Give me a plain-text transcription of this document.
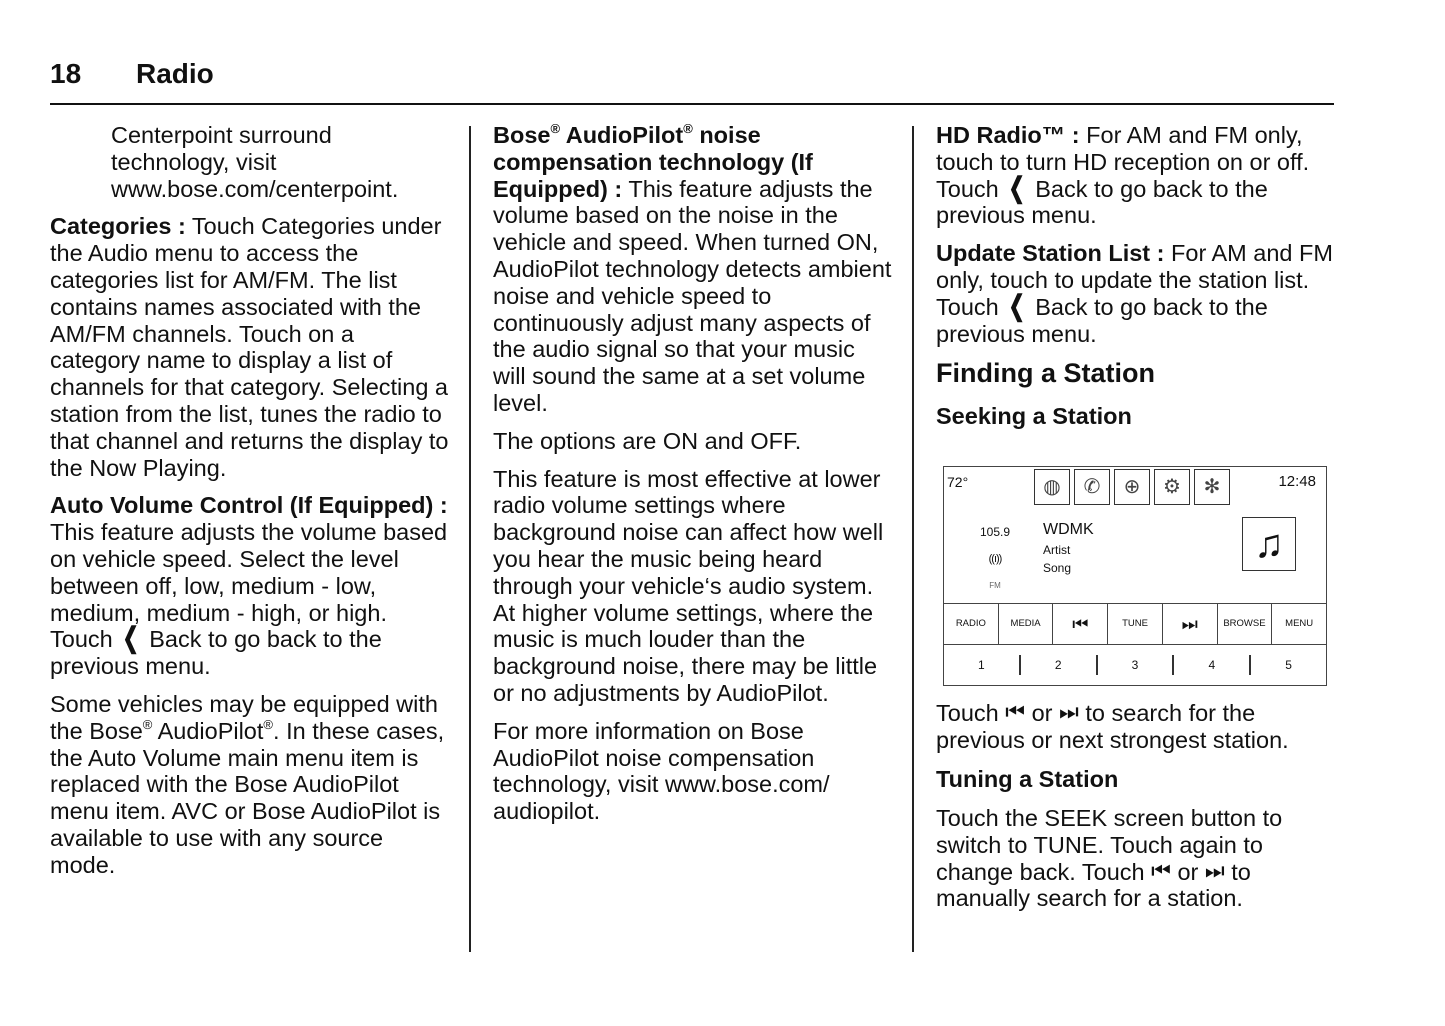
18 Radio

Centerpoint surround technology, visit www.bose.com/centerpoint.

Categories : Touch Categories under the Audio menu to access the categories list for AM/FM. The list contains names associated with the AM/FM channels. Touch on a category name to display a list of channels for that category. Selecting a station from the list, tunes the radio to that channel and returns the display to the Now Playing.

Auto Volume Control (If Equipped) : This feature adjusts the volume based on vehicle speed. Select the level between off, low, medium - low, medium, medium - high, or high. Touch ❮ Back to go back to the previous menu.

Some vehicles may be equipped with the Bose® AudioPilot®. In these cases, the Auto Volume main menu item is replaced with the Bose AudioPilot menu item. AVC or Bose AudioPilot is available to use with any source mode.

Bose® AudioPilot® noise compensation technology (If Equipped) : This feature adjusts the volume based on the noise in the vehicle and speed. When turned ON, AudioPilot technology detects ambient noise and vehicle speed to continuously adjust many aspects of the audio signal so that your music will sound the same at a set volume level.

The options are ON and OFF.

This feature is most effective at lower radio volume settings where background noise can affect how well you hear the music being heard through your vehicle‘s audio system. At higher volume settings, where the music is much louder than the background noise, there may be little or no adjustments by AudioPilot.

For more information on Bose AudioPilot noise compensation technology, visit www.bose.com/ audiopilot.

HD Radio™ : For AM and FM only, touch to turn HD reception on or off. Touch ❮ Back to go back to the previous menu.

Update Station List : For AM and FM only, touch to update the station list. Touch ❮ Back to go back to the previous menu.

Finding a Station
Seeking a Station
72°	◍	✆	⊕	⚙	✻	12:48
105.9
((ı))
FM
WDMK
Artist
Song
♫
RADIO	MEDIA	⏮	TUNE	⏭	BROWSE	MENU
1	2	3	4	5

Touch ⏮ or ⏭ to search for the previous or next strongest station.

Tuning a Station

Touch the SEEK screen button to switch to TUNE. Touch again to change back. Touch ⏮ or ⏭ to manually search for a station.
